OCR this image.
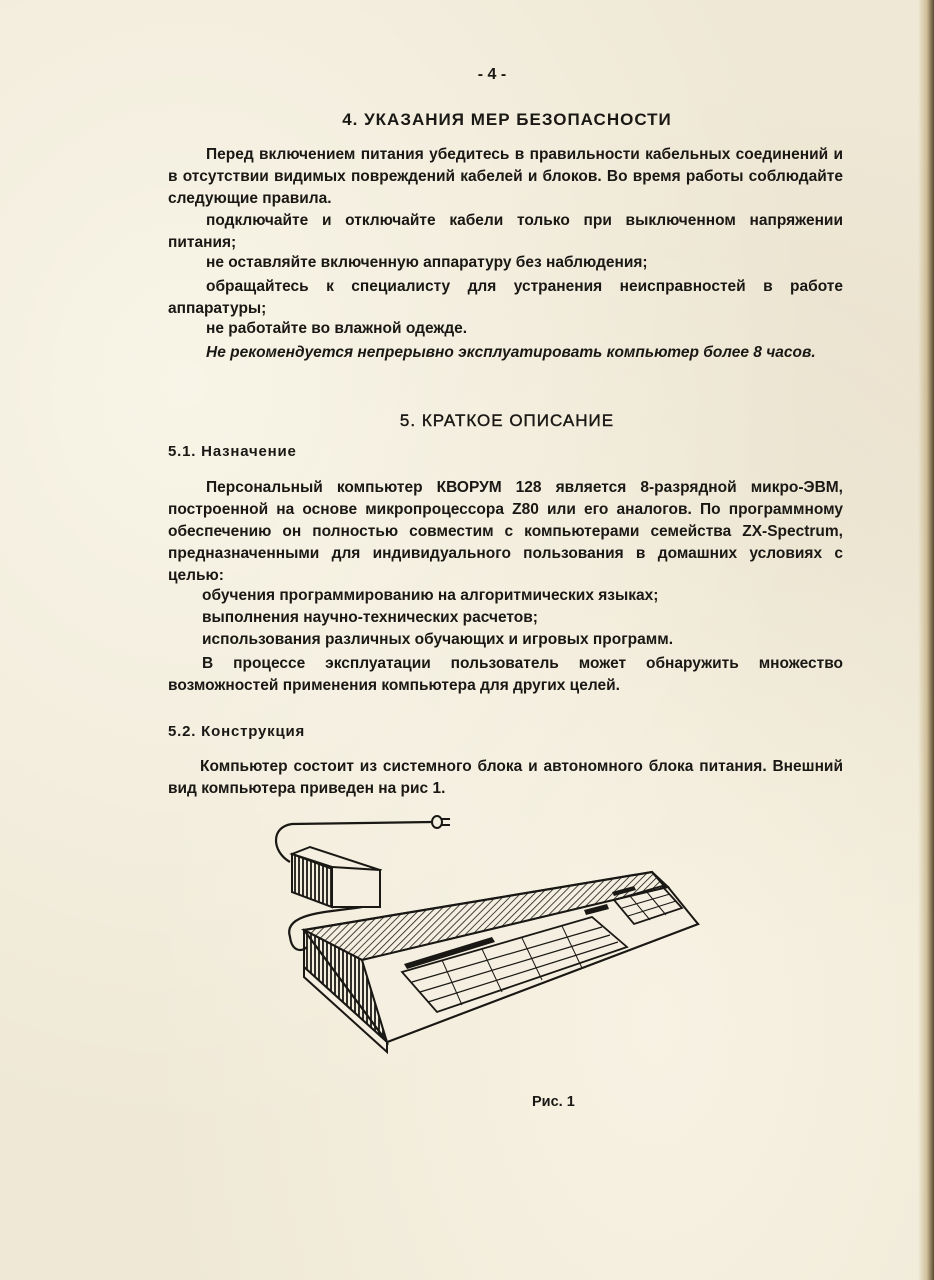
- 4 -
4. УКАЗАНИЯ МЕР БЕЗОПАСНОСТИ
Перед включением питания убедитесь в правильности кабельных соединений и в отсутствии видимых повреждений кабелей и блоков. Во время работы соблюдайте следующие правила.
подключайте и отключайте кабели только при выключенном напряжении питания;
не оставляйте включенную аппаратуру без наблюдения;
обращайтесь к специалисту для устранения неисправностей в работе аппаратуры;
не работайте во влажной одежде.
Не рекомендуется непрерывно эксплуатировать компьютер более 8 часов.
5. КРАТКОЕ ОПИСАНИЕ
5.1. Назначение
Персональный компьютер КВОРУМ 128 является 8-разрядной микро-ЭВМ, построенной на основе микропроцессора Z80 или его аналогов. По программному обеспечению он полностью совместим с компьютерами семейства ZX-Spectrum, предназначенными для индивидуального пользования в домашних условиях с целью:
обучения программированию на алгоритмических языках;
выполнения научно-технических расчетов;
использования различных обучающих и игровых программ.
В процессе эксплуатации пользователь может обнаружить множество возможностей применения компьютера для других целей.
5.2. Конструкция
Компьютер состоит из системного блока и автономного блока питания. Внешний вид компьютера приведен на рис 1.
Рис. 1
